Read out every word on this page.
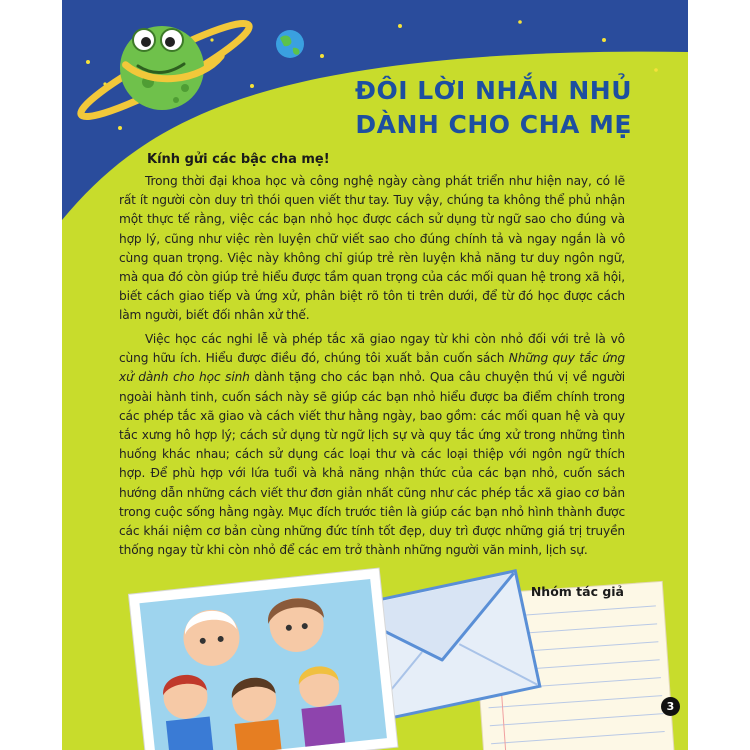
ĐÔI LỜI NHẮN NHỦ
DÀNH CHO CHA MẸ
Kính gửi các bậc cha mẹ!

Trong thời đại khoa học và công nghệ ngày càng phát triển như hiện nay, có lẽ rất ít người còn duy trì thói quen viết thư tay. Tuy vậy, chúng ta không thể phủ nhận một thực tế rằng, việc các bạn nhỏ học được cách sử dụng từ ngữ sao cho đúng và hợp lý, cũng như việc rèn luyện chữ viết sao cho đúng chính tả và ngay ngắn là vô cùng quan trọng. Việc này không chỉ giúp trẻ rèn luyện khả năng tư duy ngôn ngữ, mà qua đó còn giúp trẻ hiểu được tầm quan trọng của các mối quan hệ trong xã hội, biết cách giao tiếp và ứng xử, phân biệt rõ tôn ti trên dưới, để từ đó học được cách làm người, biết đối nhân xử thế.

Việc học các nghi lễ và phép tắc xã giao ngay từ khi còn nhỏ đối với trẻ là vô cùng hữu ích. Hiểu được điều đó, chúng tôi xuất bản cuốn sách Những quy tắc ứng xử dành cho học sinh dành tặng cho các bạn nhỏ. Qua câu chuyện thú vị về người ngoài hành tinh, cuốn sách này sẽ giúp các bạn nhỏ hiểu được ba điểm chính trong các phép tắc xã giao và cách viết thư hằng ngày, bao gồm: các mối quan hệ và quy tắc xưng hô hợp lý; cách sử dụng từ ngữ lịch sự và quy tắc ứng xử trong những tình huống khác nhau; cách sử dụng các loại thư và các loại thiệp với ngôn ngữ thích hợp. Để phù hợp với lứa tuổi và khả năng nhận thức của các bạn nhỏ, cuốn sách hướng dẫn những cách viết thư đơn giản nhất cũng như các phép tắc xã giao cơ bản trong cuộc sống hằng ngày. Mục đích trước tiên là giúp các bạn nhỏ hình thành được các khái niệm cơ bản cùng những đức tính tốt đẹp, duy trì được những giá trị truyền thống ngay từ khi còn nhỏ để các em trở thành những người văn minh, lịch sự.

Nhóm tác giả
3
